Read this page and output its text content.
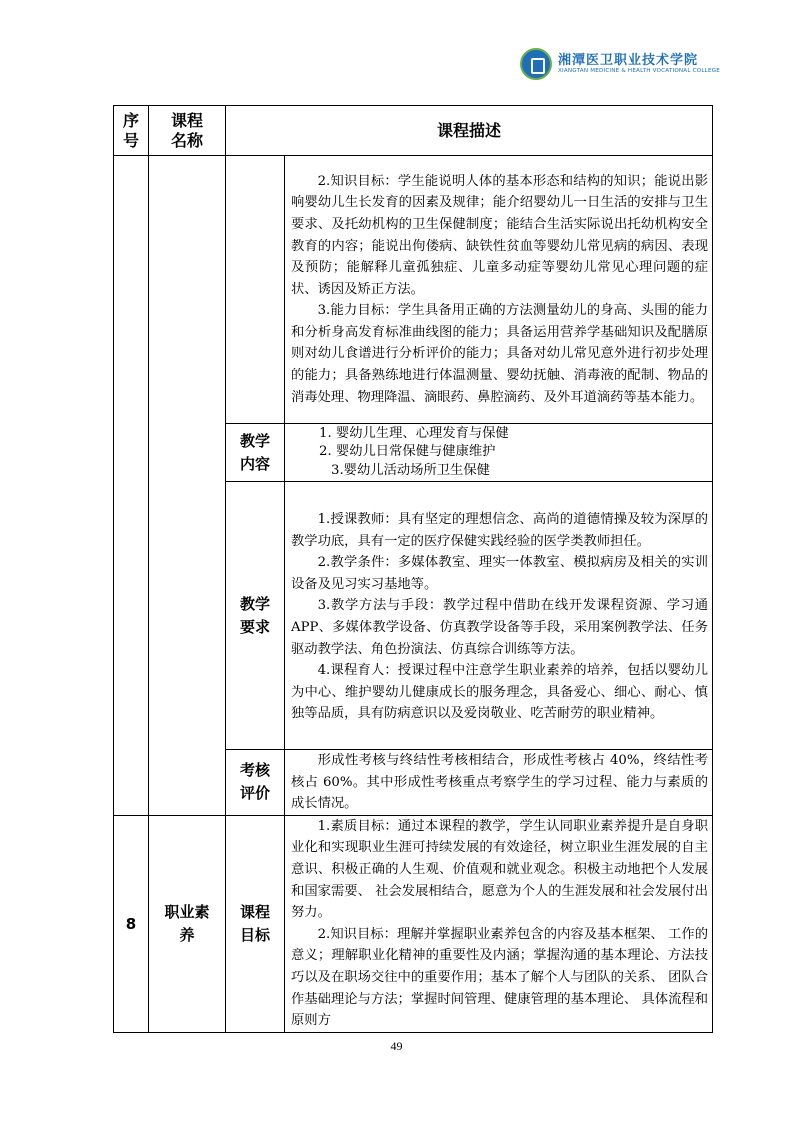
湘潭医卫职业技术学院
XIANGTAN MEDICINE & HEALTH VOCATIONAL COLLEGE
序号	课程名称	课程描述	

			2.知识目标：学生能说明人体的基本形态和结构的知识；能说出影响婴幼儿生长发育的因素及规律；能介绍婴幼儿一日生活的安排与卫生要求、及托幼机构的卫生保健制度；能结合生活实际说出托幼机构安全教育的内容；能说出佝偻病、缺铁性贫血等婴幼儿常见病的病因、表现及预防；能解释儿童孤独症、儿童多动症等婴幼儿常见心理问题的症状、诱因及矫正方法。

3.能力目标：学生具备用正确的方法测量幼儿的身高、头围的能力和分析身高发育标准曲线图的能力；具备运用营养学基础知识及配膳原则对幼儿食谱进行分析评价的能力；具备对幼儿常见意外进行初步处理的能力；具备熟练地进行体温测量、婴幼抚触、消毒液的配制、物品的消毒处理、物理降温、滴眼药、鼻腔滴药、及外耳道滴药等基本能力。

		教学内容	1. 婴幼儿生理、心理发育与保健

2. 婴幼儿日常保健与健康维护

3.婴幼儿活动场所卫生保健

		教学要求	1.授课教师：具有坚定的理想信念、高尚的道德情操及较为深厚的教学功底，具有一定的医疗保健实践经验的医学类教师担任。

2.教学条件：多媒体教室、理实一体教室、模拟病房及相关的实训设备及见习实习基地等。

3.教学方法与手段：教学过程中借助在线开发课程资源、学习通 APP、多媒体教学设备、仿真教学设备等手段，采用案例教学法、任务驱动教学法、角色扮演法、仿真综合训练等方法。

4.课程育人：授课过程中注意学生职业素养的培养，包括以婴幼儿为中心、维护婴幼儿健康成长的服务理念，具备爱心、细心、耐心、慎独等品质，具有防病意识以及爱岗敬业、吃苦耐劳的职业精神。

		考核评价	形成性考核与终结性考核相结合，形成性考核占 40%，终结性考核占 60%。其中形成性考核重点考察学生的学习过程、能力与素质的成长情况。

8	职业素养	课程目标	1.素质目标：通过本课程的教学，学生认同职业素养提升是自身职业化和实现职业生涯可持续发展的有效途径，树立职业生涯发展的自主意识、积极正确的人生观、价值观和就业观念。积极主动地把个人发展和国家需要、 社会发展相结合，愿意为个人的生涯发展和社会发展付出努力。

2.知识目标：理解并掌握职业素养包含的内容及基本框架、 工作的意义；理解职业化精神的重要性及内涵；掌握沟通的基本理论、方法技巧以及在职场交往中的重要作用；基本了解个人与团队的关系、 团队合作基础理论与方法；掌握时间管理、健康管理的基本理论、 具体流程和原则方

49
